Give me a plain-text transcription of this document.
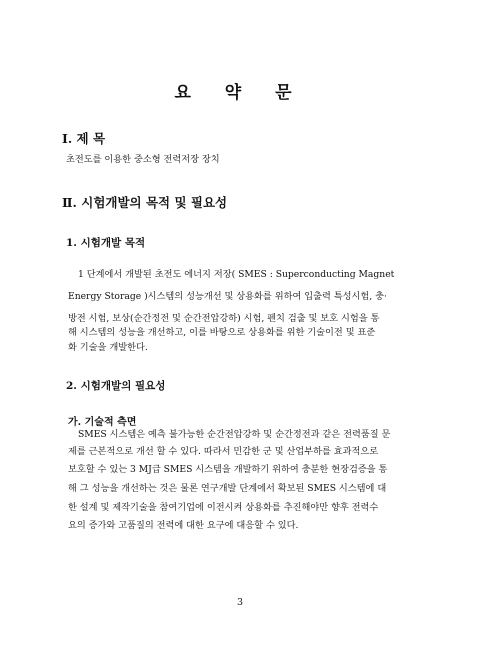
요 약 문
Ⅰ. 제 목
초전도를 이용한 중소형 전력저장 장치
Ⅱ. 시험개발의 목적 및 필요성
1. 시험개발 목적
1 단계에서 개발된 초전도 에너지 저장( SMES : Superconducting Magnet
Energy Storage )시스템의 성능개선 및 상용화를 위하여 입출력 특성시험, 충·
방전 시험, 보상(순간정전 및 순간전압강하) 시험, 펜치 검출 및 보호 시험을 통
해 시스템의 성능을 개선하고, 이를 바탕으로 상용화를 위한 기술이전 및 표준
화 기술을 개발한다.
2. 시험개발의 필요성
가. 기술적 측면
SMES 시스템은 예측 불가능한 순간전압강하 및 순간정전과 같은 전력품질 문
제를 근본적으로 개선 할 수 있다. 따라서 민감한 군 및 산업부하를 효과적으로
보호할 수 있는 3 MJ급 SMES 시스템을 개발하기 위하여 충분한 현장검증을 통
해 그 성능을 개선하는 것은 물론 연구개발 단계에서 확보된 SMES 시스템에 대
한 설계 및 제작기술을 참여기업에 이전시켜 상용화를 추진해야만 향후 전력수
요의 증가와 고품질의 전력에 대한 요구에 대응할 수 있다.
3
